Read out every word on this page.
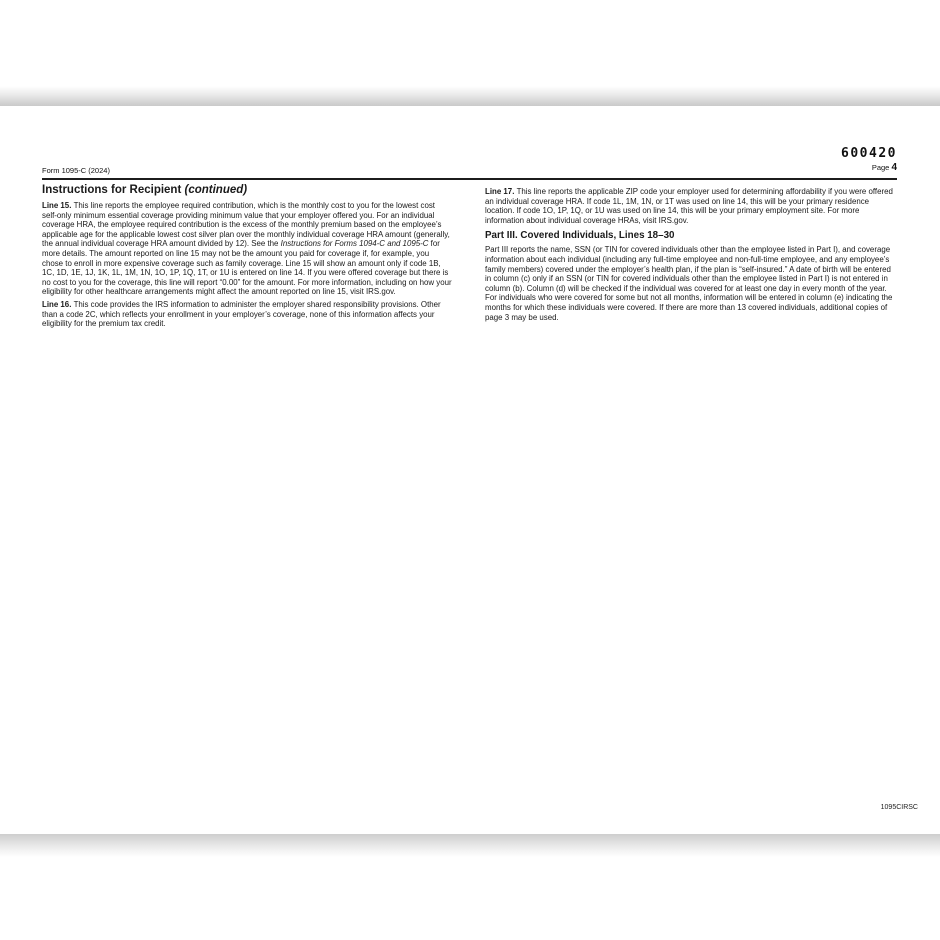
600420
Page 4
Form 1095-C (2024)
Instructions for Recipient (continued)

Line 15. This line reports the employee required contribution, which is the monthly cost to you for the lowest cost self-only minimum essential coverage providing minimum value that your employer offered you. For an individual coverage HRA, the employee required contribution is the excess of the monthly premium based on the employee’s applicable age for the applicable lowest cost silver plan over the monthly individual coverage HRA amount (generally, the annual individual coverage HRA amount divided by 12). See the Instructions for Forms 1094-C and 1095-C for more details. The amount reported on line 15 may not be the amount you paid for coverage if, for example, you chose to enroll in more expensive coverage such as family coverage. Line 15 will show an amount only if code 1B, 1C, 1D, 1E, 1J, 1K, 1L, 1M, 1N, 1O, 1P, 1Q, 1T, or 1U is entered on line 14. If you were offered coverage but there is no cost to you for the coverage, this line will report “0.00” for the amount. For more information, including on how your eligibility for other healthcare arrangements might affect the amount reported on line 15, visit IRS.gov.

Line 16. This code provides the IRS information to administer the employer shared responsibility provisions. Other than a code 2C, which reflects your enrollment in your employer’s coverage, none of this information affects your eligibility for the premium tax credit.

Line 17. This line reports the applicable ZIP code your employer used for determining affordability if you were offered an individual coverage HRA. If code 1L, 1M, 1N, or 1T was used on line 14, this will be your primary residence location. If code 1O, 1P, 1Q, or 1U was used on line 14, this will be your primary employment site. For more information about individual coverage HRAs, visit IRS.gov.

Part III. Covered Individuals, Lines 18–30

Part III reports the name, SSN (or TIN for covered individuals other than the employee listed in Part I), and coverage information about each individual (including any full-time employee and non-full-time employee, and any employee’s family members) covered under the employer’s health plan, if the plan is “self-insured.” A date of birth will be entered in column (c) only if an SSN (or TIN for covered individuals other than the employee listed in Part I) is not entered in column (b). Column (d) will be checked if the individual was covered for at least one day in every month of the year. For individuals who were covered for some but not all months, information will be entered in column (e) indicating the months for which these individuals were covered. If there are more than 13 covered individuals, additional copies of page 3 may be used.

1095CIRSC
